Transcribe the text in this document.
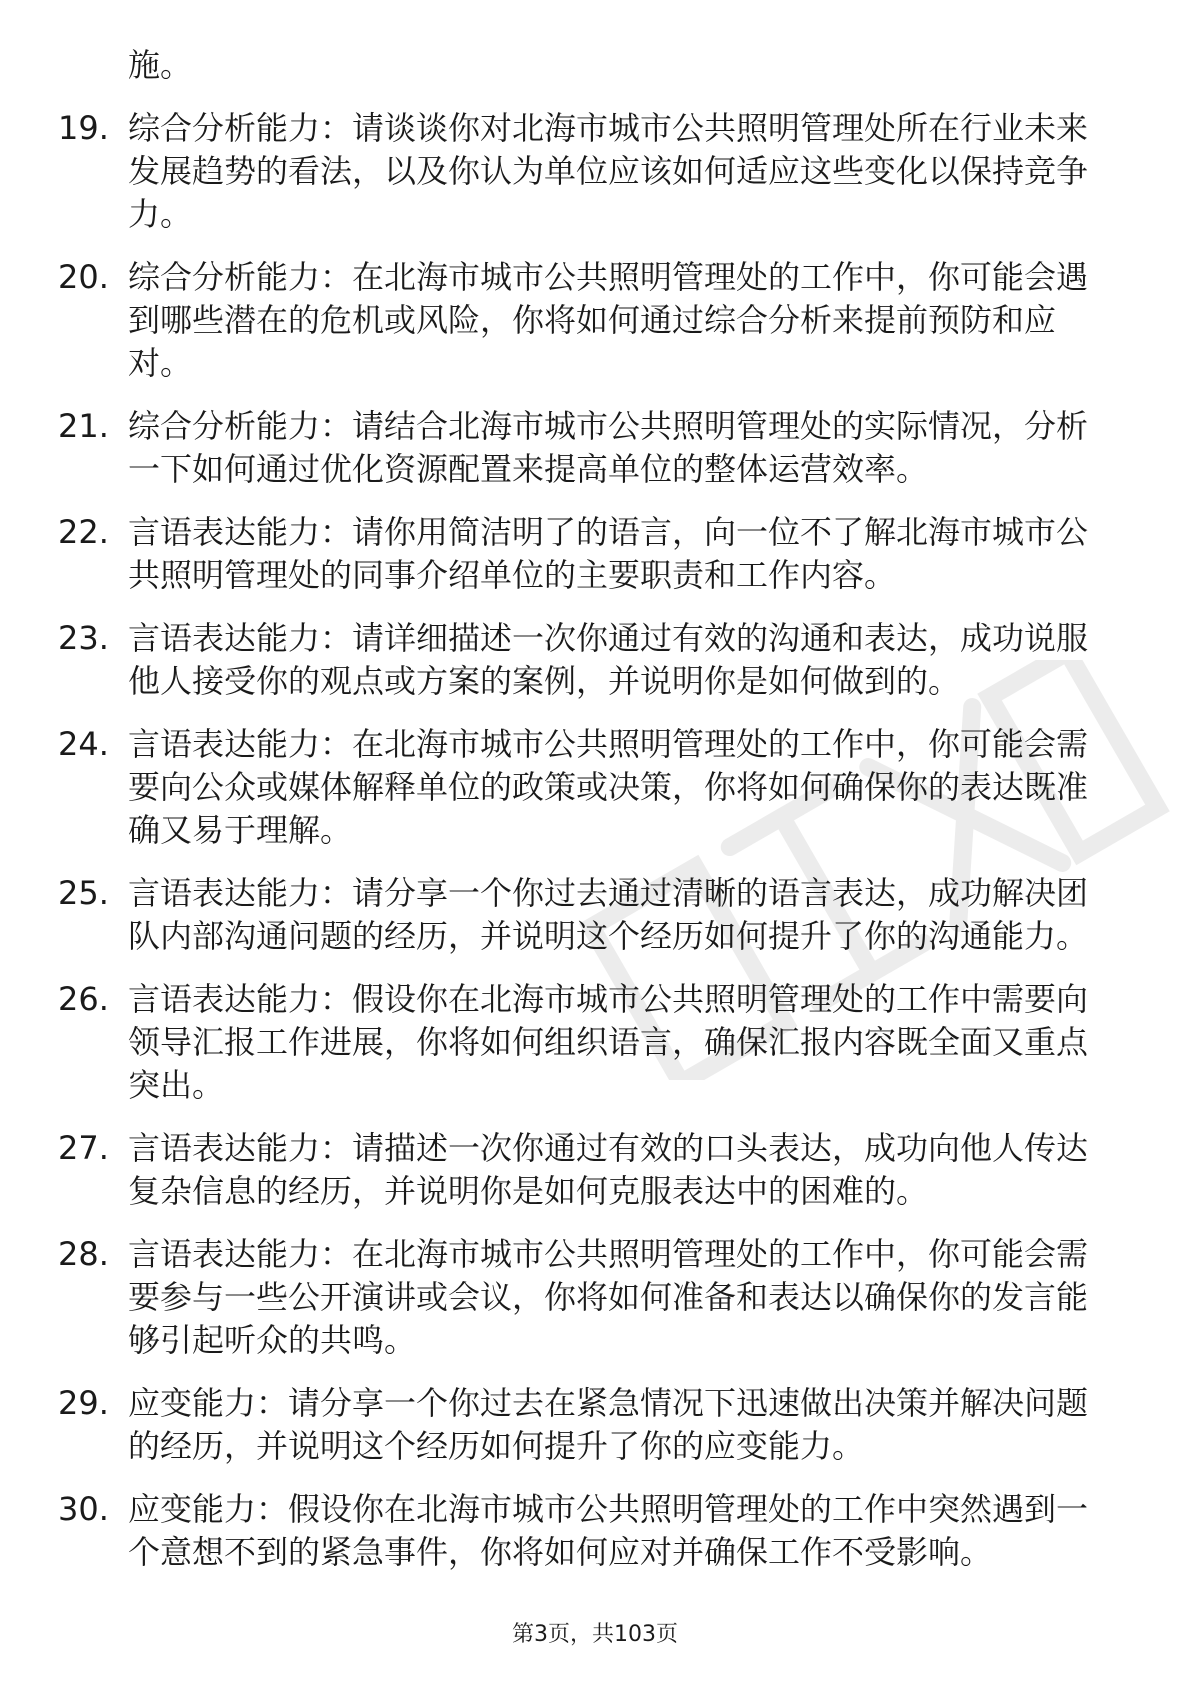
施。
19. 综合分析能力：请谈谈你对北海市城市公共照明管理处所在行业未来发展趋势的看法，以及你认为单位应该如何适应这些变化以保持竞争力。
20. 综合分析能力：在北海市城市公共照明管理处的工作中，你可能会遇到哪些潜在的危机或风险，你将如何通过综合分析来提前预防和应对。
21. 综合分析能力：请结合北海市城市公共照明管理处的实际情况，分析一下如何通过优化资源配置来提高单位的整体运营效率。
22. 言语表达能力：请你用简洁明了的语言，向一位不了解北海市城市公共照明管理处的同事介绍单位的主要职责和工作内容。
23. 言语表达能力：请详细描述一次你通过有效的沟通和表达，成功说服他人接受你的观点或方案的案例，并说明你是如何做到的。
24. 言语表达能力：在北海市城市公共照明管理处的工作中，你可能会需要向公众或媒体解释单位的政策或决策，你将如何确保你的表达既准确又易于理解。
25. 言语表达能力：请分享一个你过去通过清晰的语言表达，成功解决团队内部沟通问题的经历，并说明这个经历如何提升了你的沟通能力。
26. 言语表达能力：假设你在北海市城市公共照明管理处的工作中需要向领导汇报工作进展，你将如何组织语言，确保汇报内容既全面又重点突出。
27. 言语表达能力：请描述一次你通过有效的口头表达，成功向他人传达复杂信息的经历，并说明你是如何克服表达中的困难的。
28. 言语表达能力：在北海市城市公共照明管理处的工作中，你可能会需要参与一些公开演讲或会议，你将如何准备和表达以确保你的发言能够引起听众的共鸣。
29. 应变能力：请分享一个你过去在紧急情况下迅速做出决策并解决问题的经历，并说明这个经历如何提升了你的应变能力。
30. 应变能力：假设你在北海市城市公共照明管理处的工作中突然遇到一个意想不到的紧急事件，你将如何应对并确保工作不受影响。
第3页，共103页
